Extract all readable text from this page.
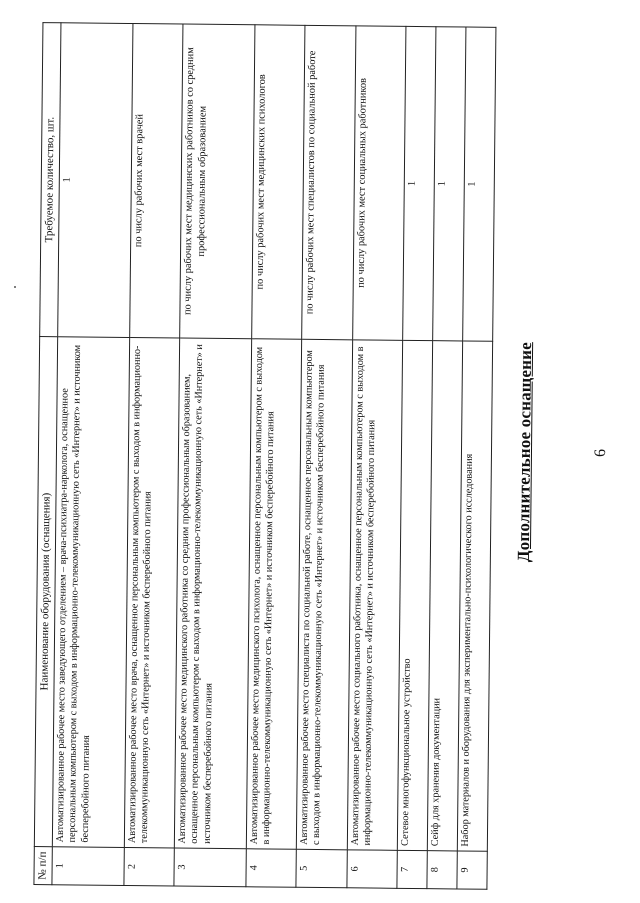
6
Дополнительное оснащение
№ п/п	Наименование оборудования (оснащения)	Требуемое количество, шт.
1	Автоматизированное рабочее место заведующего отделением – врача-психиатра-нарколога, оснащенное персональным компьютером с выходом в информационно-телекоммуникационную сеть «Интернет» и источником бесперебойного питания	1
2	Автоматизированное рабочее место врача, оснащенное персональным компьютером с выходом в информационно-телекоммуникационную сеть «Интернет» и источником бесперебойного питания	по числу рабочих мест врачей
3	Автоматизированное рабочее место медицинского работника со средним профессиональным образованием, оснащенное персональным компьютером с выходом в информационно-телекоммуникационную сеть «Интернет» и источником бесперебойного питания	по числу рабочих мест медицинских работников со средним профессиональным образованием
4	Автоматизированное рабочее место медицинского психолога, оснащенное персональным компьютером с выходом в информационно-телекоммуникационную сеть «Интернет» и источником бесперебойного питания	по числу рабочих мест медицинских психологов
5	Автоматизированное рабочее место специалиста по социальной работе, оснащенное персональным компьютером с выходом в информационно-телекоммуникационную сеть «Интернет» и источником бесперебойного питания	по числу рабочих мест специалистов по социальной работе
6	Автоматизированное рабочее место социального работника, оснащенное персональным компьютером с выходом в информационно-телекоммуникационную сеть «Интернет» и источником бесперебойного питания	по числу рабочих мест социальных работников
7	Сетевое многофункциональное устройство	1
8	Сейф для хранения документации	1
9	Набор материалов и оборудования для экспериментально-психологического исследования	1
